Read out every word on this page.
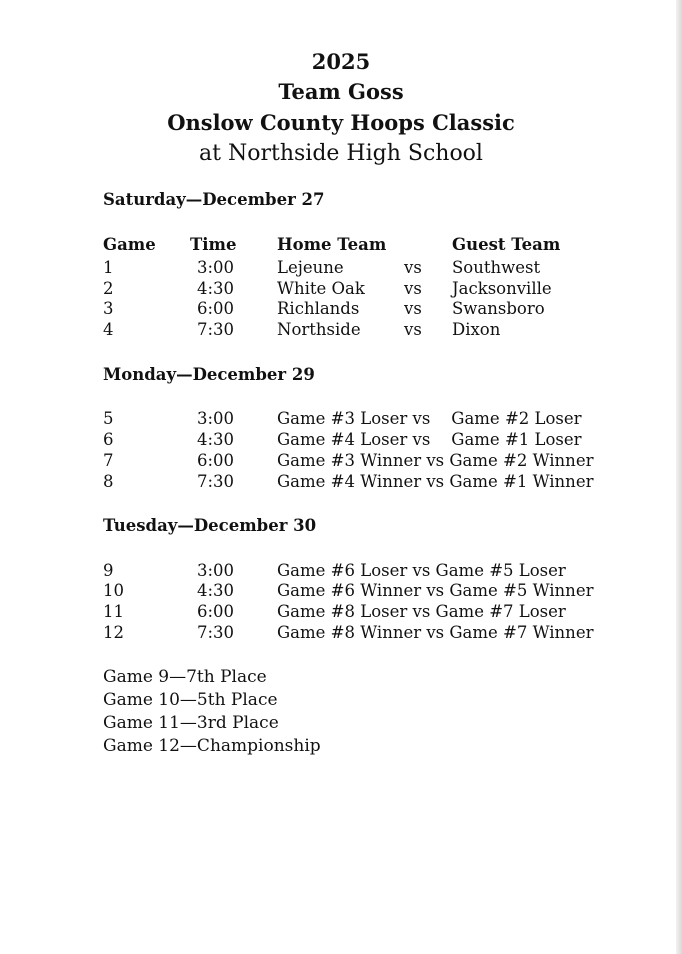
2025
Team Goss
Onslow County Hoops Classic
at Northside High School
Saturday—December 27
Game Time Home Team	Guest Team
1	3:00	Lejeune	vs Southwest
2	4:30	White Oak vs Jacksonville
3	6:00	Richlands	vs Swansboro
4	7:30	Northside	vs Dixon
Monday—December 29
5	3:00	Game #3 Loser vs    Game #2 Loser
6	4:30	Game #4 Loser vs    Game #1 Loser
7	6:00	Game #3 Winner vs Game #2 Winner
8	7:30	Game #4 Winner vs Game #1 Winner
Tuesday—December 30
9	3:00	Game #6 Loser vs Game #5 Loser
10	4:30	Game #6 Winner vs Game #5 Winner
11	6:00	Game #8 Loser vs Game #7 Loser
12	7:30	Game #8 Winner vs Game #7 Winner
Game 9—7th Place
Game 10—5th Place
Game 11—3rd Place
Game 12—Championship
